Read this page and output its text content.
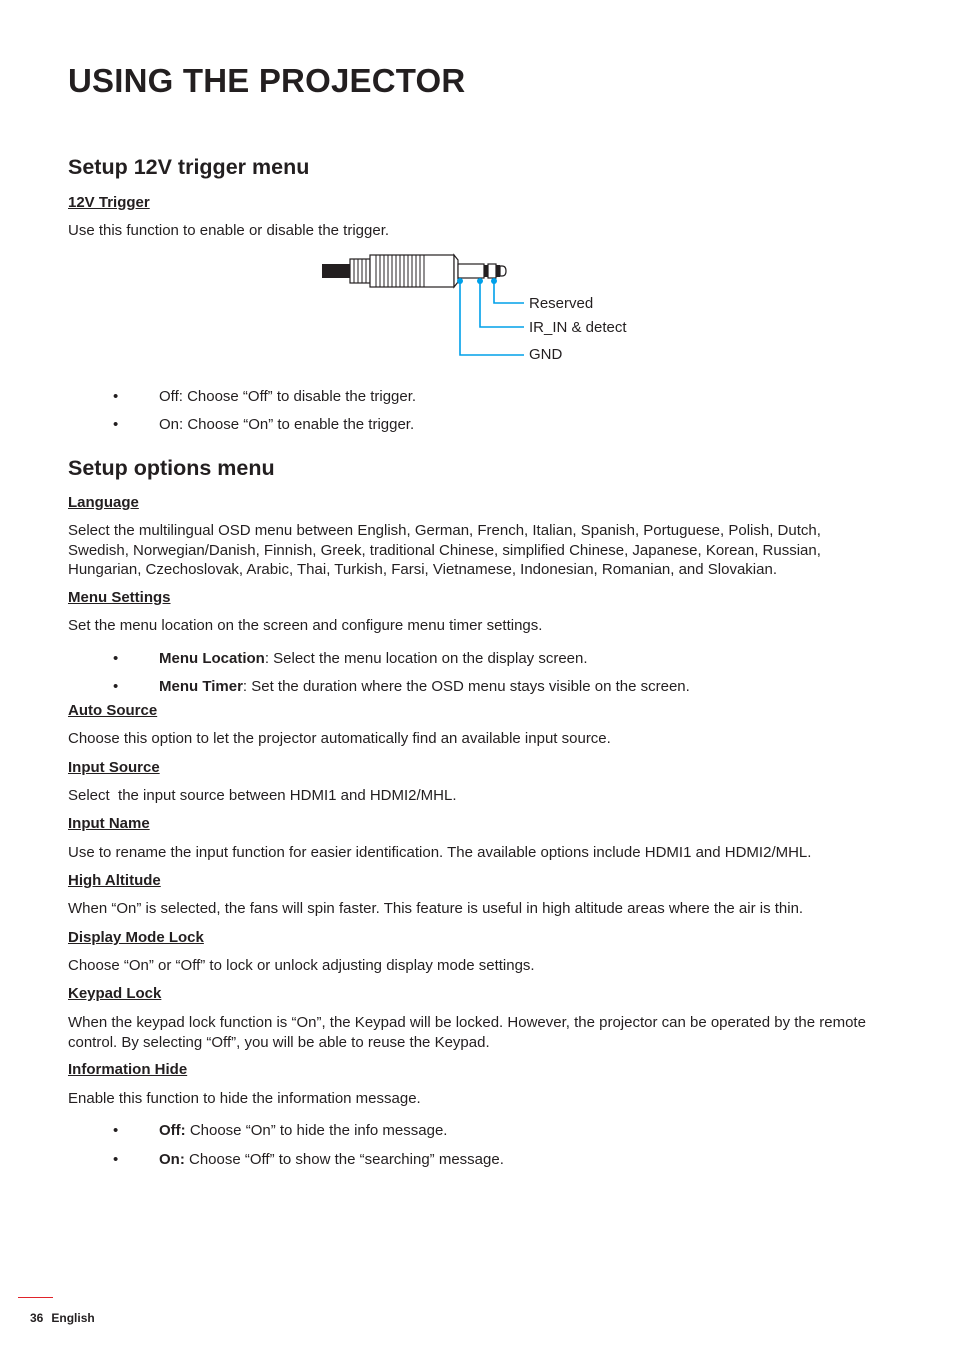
USING THE PROJECTOR
Setup 12V trigger menu
12V Trigger
Use this function to enable or disable the trigger.
Reserved
IR_IN & detect
GND
•	Off: Choose “Off” to disable the trigger.
•	On: Choose “On” to enable the trigger.
Setup options menu
Language
Select the multilingual OSD menu between English, German, French, Italian, Spanish, Portuguese, Polish, Dutch, Swedish, Norwegian/Danish, Finnish, Greek, traditional Chinese, simplified Chinese, Japanese, Korean, Russian, Hungarian, Czechoslovak, Arabic, Thai, Turkish, Farsi, Vietnamese, Indonesian, Romanian, and Slovakian.
Menu Settings
Set the menu location on the screen and configure menu timer settings.
•	Menu Location: Select the menu location on the display screen.
•	Menu Timer: Set the duration where the OSD menu stays visible on the screen.
Auto Source
Choose this option to let the projector automatically find an available input source.
Input Source
Select  the input source between HDMI1 and HDMI2/MHL.
Input Name
Use to rename the input function for easier identification. The available options include HDMI1 and HDMI2/MHL.
High Altitude
When “On” is selected, the fans will spin faster. This feature is useful in high altitude areas where the air is thin.
Display Mode Lock
Choose “On” or “Off” to lock or unlock adjusting display mode settings.
Keypad Lock
When the keypad lock function is “On”, the Keypad will be locked. However, the projector can be operated by the remote control. By selecting “Off”, you will be able to reuse the Keypad.
Information Hide
Enable this function to hide the information message.
•	Off: Choose “On” to hide the info message.
•	On: Choose “Off” to show the “searching” message.
36 English
